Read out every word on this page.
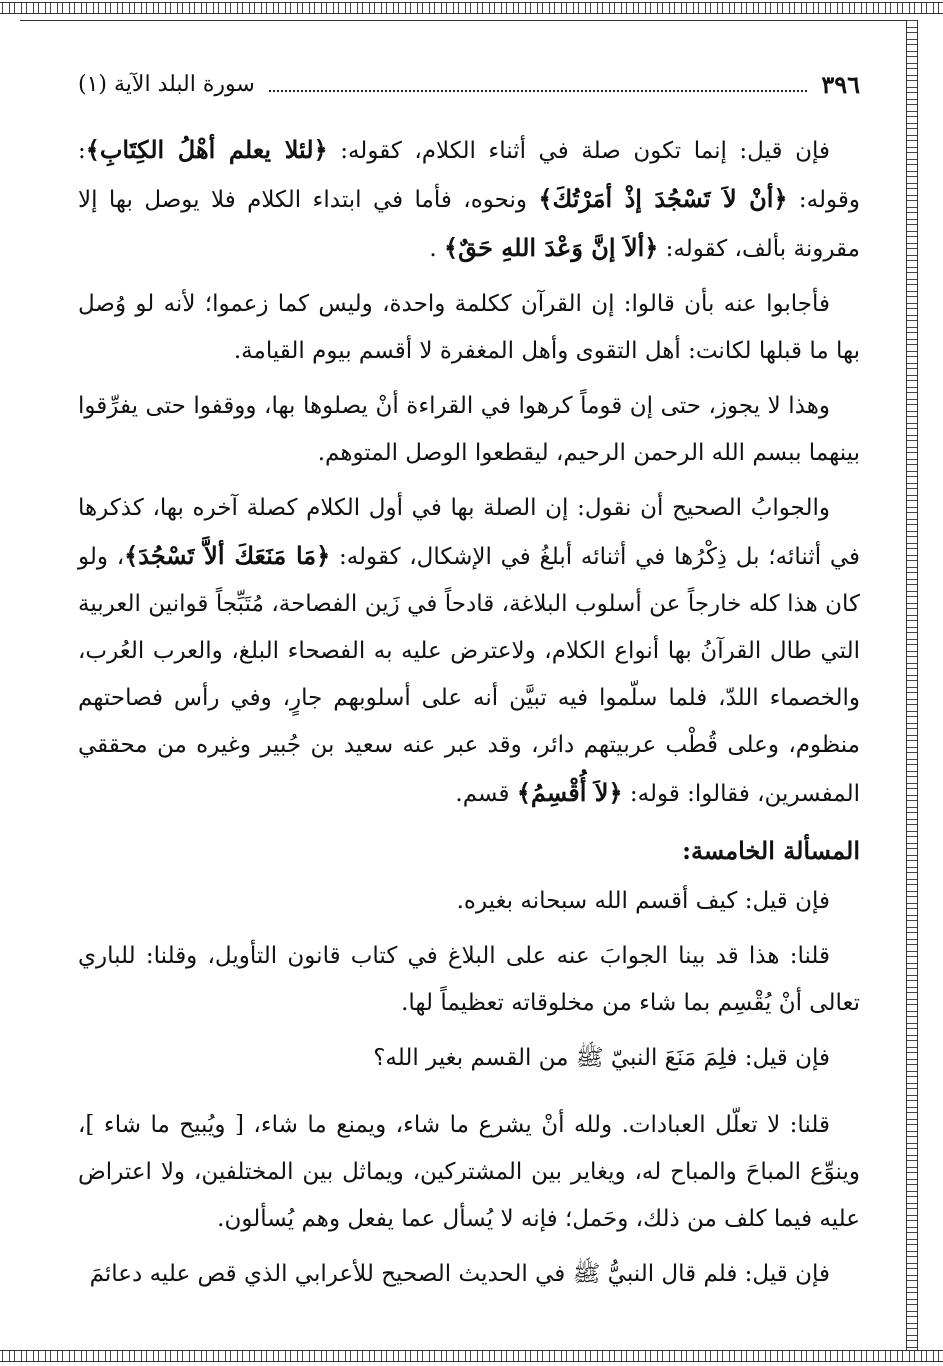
٣٩٦
سورة البلد الآية (١)

فإن قيل: إنما تكون صلة في أثناء الكلام، كقوله: ﴿لئلا يعلم أهْلُ الكِتَابِ﴾: وقوله: ﴿أنْ لاَ تَسْجُدَ إذْ أمَرْتُكَ﴾ ونحوه، فأما في ابتداء الكلام فلا يوصل بها إلا مقرونة بألف، كقوله: ﴿ألاَ إنَّ وَعْدَ اللهِ حَقٌ﴾ .

فأجابوا عنه بأن قالوا: إن القرآن ككلمة واحدة، وليس كما زعموا؛ لأنه لو وُصل بها ما قبلها لكانت: أهل التقوى وأهل المغفرة لا أقسم بيوم القيامة.

وهذا لا يجوز، حتى إن قوماً كرهوا في القراءة أنْ يصلوها بها، ووقفوا حتى يفرِّقوا بينهما ببسم الله الرحمن الرحيم، ليقطعوا الوصل المتوهم.

والجوابُ الصحيح أن نقول: إن الصلة بها في أول الكلام كصلة آخره بها، كذكرها في أثنائه؛ بل ذِكْرُها في أثنائه أبلغُ في الإشكال، كقوله: ﴿مَا مَنَعَكَ ألاَّ تَسْجُدَ﴾، ولو كان هذا كله خارجاً عن أسلوب البلاغة، قادحاً في زَين الفصاحة، مُتَبِّجاً قوانين العربية التي طال القرآنُ بها أنواع الكلام، ولاعترض عليه به الفصحاء البلغ، والعرب العُرب، والخصماء اللدّ، فلما سلّموا فيه تبيَّن أنه على أسلوبهم جارٍ، وفي رأس فصاحتهم منظوم، وعلى قُطْب عربيتهم دائر، وقد عبر عنه سعيد بن جُبير وغيره من محققي المفسرين، فقالوا: قوله: ﴿لاَ أُقْسِمُ﴾ قسم.

المسألة الخامسة:

فإن قيل: كيف أقسم الله سبحانه بغيره.

قلنا: هذا قد بينا الجوابَ عنه على البلاغ في كتاب قانون التأويل، وقلنا: للباري تعالى أنْ يُقْسِم بما شاء من مخلوقاته تعظيماً لها.

فإن قيل: فلِمَ مَنَعَ النبيّ ﷺ من القسم بغير الله؟

قلنا: لا تعلّل العبادات. ولله أنْ يشرع ما شاء، ويمنع ما شاء، [ ويُبيح ما شاء ]، وينوِّع المباحَ والمباح له، ويغاير بين المشتركين، ويماثل بين المختلفين، ولا اعتراض عليه فيما كلف من ذلك، وحَمل؛ فإنه لا يُسأل عما يفعل وهم يُسألون.

فإن قيل: فلم قال النبيُّ ﷺ في الحديث الصحيح للأعرابي الذي قص عليه دعائمَ
